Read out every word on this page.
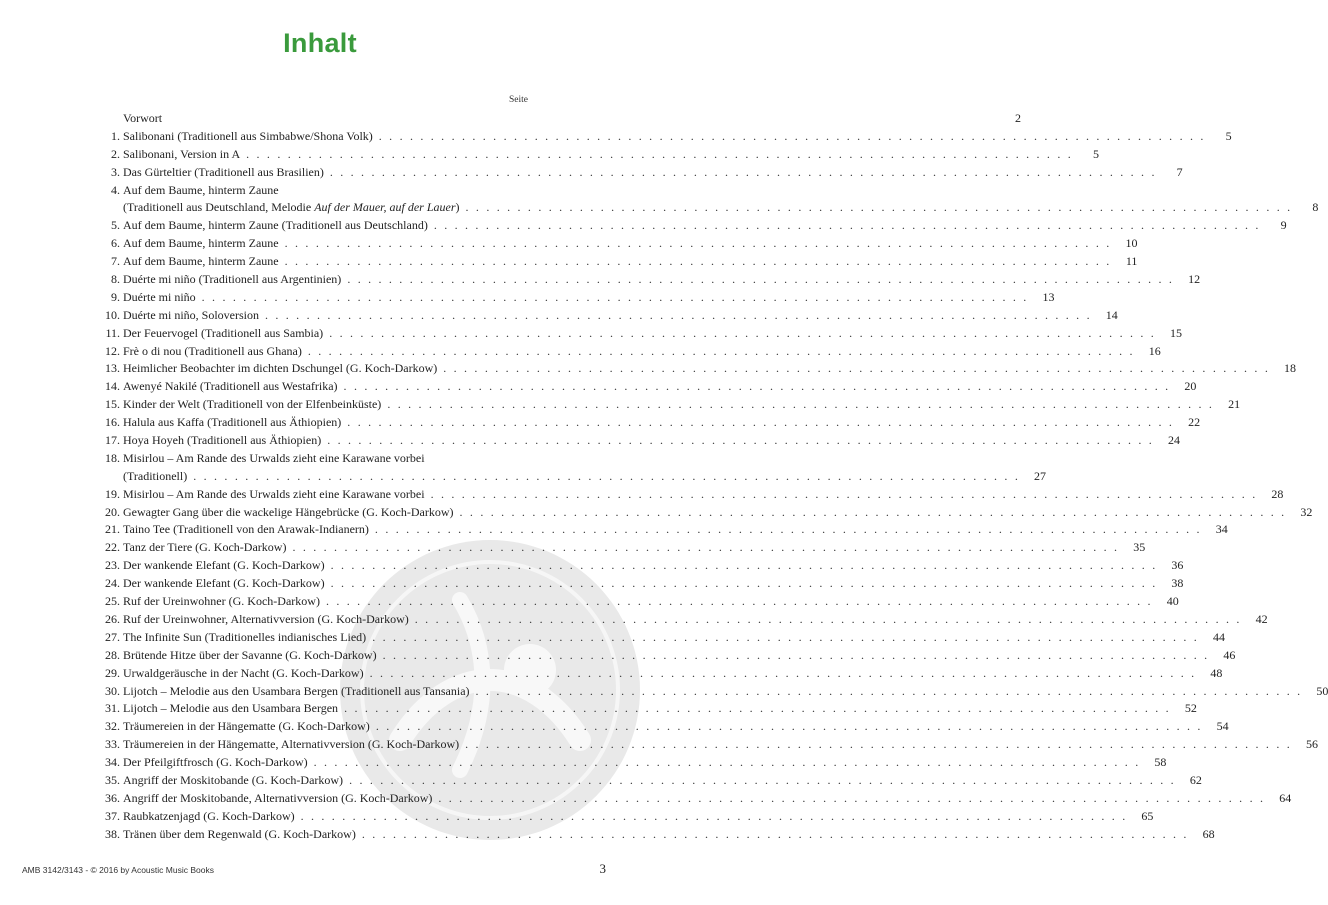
Inhalt
Seite
Vorwort	2
1. Salibonani (Traditionell aus Simbabwe/Shona Volk) . . . . . . . . . . . . . . . . . . . . . . . . . . . . . . . . . . . . . . . . . . . . . . . . . . . . . . . . . . . . . . . . . . . . . . . . . . . . . . . .	5
2. Salibonani, Version in A . . . . . . . . . . . . . . . . . . . . . . . . . . . . . . . . . . . . . . . . . . . . . . . . . . . . . . . . . . . . . . . . . . . . . . . . . . . . . . . .	5
3. Das Gürteltier (Traditionell aus Brasilien) . . . . . . . . . . . . . . . . . . . . . . . . . . . . . . . . . . . . . . . . . . . . . . . . . . . . . . . . . . . . . . . . . . . . . . . . . . . . . . . .	7
4. Auf dem Baume, hinterm Zaune
(Traditionell aus Deutschland, Melodie Auf der Mauer, auf der Lauer) . . . . . . . . . . . . . . . . . . . . . . . . . . . . . . . . . . . . . . . . . . . . . . . . . . . . . . . . . . . . . . . . . . . . . . . . . . . . . . . .	8
5. Auf dem Baume, hinterm Zaune (Traditionell aus Deutschland) . . . . . . . . . . . . . . . . . . . . . . . . . . . . . . . . . . . . . . . . . . . . . . . . . . . . . . . . . . . . . . . . . . . . . . . . . . . . . . . .	9
6. Auf dem Baume, hinterm Zaune . . . . . . . . . . . . . . . . . . . . . . . . . . . . . . . . . . . . . . . . . . . . . . . . . . . . . . . . . . . . . . . . . . . . . . . . . . . . . . . .	10
7. Auf dem Baume, hinterm Zaune . . . . . . . . . . . . . . . . . . . . . . . . . . . . . . . . . . . . . . . . . . . . . . . . . . . . . . . . . . . . . . . . . . . . . . . . . . . . . . . .	11
8. Duérte mi niño (Traditionell aus Argentinien) . . . . . . . . . . . . . . . . . . . . . . . . . . . . . . . . . . . . . . . . . . . . . . . . . . . . . . . . . . . . . . . . . . . . . . . . . . . . . . . .	12
9. Duérte mi niño . . . . . . . . . . . . . . . . . . . . . . . . . . . . . . . . . . . . . . . . . . . . . . . . . . . . . . . . . . . . . . . . . . . . . . . . . . . . . . . .	13
10. Duérte mi niño, Soloversion . . . . . . . . . . . . . . . . . . . . . . . . . . . . . . . . . . . . . . . . . . . . . . . . . . . . . . . . . . . . . . . . . . . . . . . . . . . . . . . .	14
11. Der Feuervogel (Traditionell aus Sambia) . . . . . . . . . . . . . . . . . . . . . . . . . . . . . . . . . . . . . . . . . . . . . . . . . . . . . . . . . . . . . . . . . . . . . . . . . . . . . . . .	15
12. Frè o di nou (Traditionell aus Ghana) . . . . . . . . . . . . . . . . . . . . . . . . . . . . . . . . . . . . . . . . . . . . . . . . . . . . . . . . . . . . . . . . . . . . . . . . . . . . . . . .	16
13. Heimlicher Beobachter im dichten Dschungel (G. Koch-Darkow) . . . . . . . . . . . . . . . . . . . . . . . . . . . . . . . . . . . . . . . . . . . . . . . . . . . . . . . . . . . . . . . . . . . . . . . . . . . . . . . .	18
14. Awenyé Nakilé (Traditionell aus Westafrika) . . . . . . . . . . . . . . . . . . . . . . . . . . . . . . . . . . . . . . . . . . . . . . . . . . . . . . . . . . . . . . . . . . . . . . . . . . . . . . . .	20
15. Kinder der Welt (Traditionell von der Elfenbeinküste) . . . . . . . . . . . . . . . . . . . . . . . . . . . . . . . . . . . . . . . . . . . . . . . . . . . . . . . . . . . . . . . . . . . . . . . . . . . . . . . .	21
16. Halula aus Kaffa (Traditionell aus Äthiopien) . . . . . . . . . . . . . . . . . . . . . . . . . . . . . . . . . . . . . . . . . . . . . . . . . . . . . . . . . . . . . . . . . . . . . . . . . . . . . . . .	22
17. Hoya Hoyeh (Traditionell aus Äthiopien) . . . . . . . . . . . . . . . . . . . . . . . . . . . . . . . . . . . . . . . . . . . . . . . . . . . . . . . . . . . . . . . . . . . . . . . . . . . . . . . .	24
18. Misirlou – Am Rande des Urwalds zieht eine Karawane vorbei
(Traditionell) . . . . . . . . . . . . . . . . . . . . . . . . . . . . . . . . . . . . . . . . . . . . . . . . . . . . . . . . . . . . . . . . . . . . . . . . . . . . . . . .	27
19. Misirlou – Am Rande des Urwalds zieht eine Karawane vorbei . . . . . . . . . . . . . . . . . . . . . . . . . . . . . . . . . . . . . . . . . . . . . . . . . . . . . . . . . . . . . . . . . . . . . . . . . . . . . . . .	28
20. Gewagter Gang über die wackelige Hängebrücke (G. Koch-Darkow) . . . . . . . . . . . . . . . . . . . . . . . . . . . . . . . . . . . . . . . . . . . . . . . . . . . . . . . . . . . . . . . . . . . . . . . . . . . . . . . .	32
21. Taino Tee (Traditionell von den Arawak-Indianern) . . . . . . . . . . . . . . . . . . . . . . . . . . . . . . . . . . . . . . . . . . . . . . . . . . . . . . . . . . . . . . . . . . . . . . . . . . . . . . . .	34
22. Tanz der Tiere (G. Koch-Darkow) . . . . . . . . . . . . . . . . . . . . . . . . . . . . . . . . . . . . . . . . . . . . . . . . . . . . . . . . . . . . . . . . . . . . . . . . . . . . . . . .	35
23. Der wankende Elefant (G. Koch-Darkow) . . . . . . . . . . . . . . . . . . . . . . . . . . . . . . . . . . . . . . . . . . . . . . . . . . . . . . . . . . . . . . . . . . . . . . . . . . . . . . . .	36
24. Der wankende Elefant (G. Koch-Darkow) . . . . . . . . . . . . . . . . . . . . . . . . . . . . . . . . . . . . . . . . . . . . . . . . . . . . . . . . . . . . . . . . . . . . . . . . . . . . . . . .	38
25. Ruf der Ureinwohner (G. Koch-Darkow) . . . . . . . . . . . . . . . . . . . . . . . . . . . . . . . . . . . . . . . . . . . . . . . . . . . . . . . . . . . . . . . . . . . . . . . . . . . . . . . .	40
26. Ruf der Ureinwohner, Alternativversion (G. Koch-Darkow) . . . . . . . . . . . . . . . . . . . . . . . . . . . . . . . . . . . . . . . . . . . . . . . . . . . . . . . . . . . . . . . . . . . . . . . . . . . . . . . .	42
27. The Infinite Sun (Traditionelles indianisches Lied) . . . . . . . . . . . . . . . . . . . . . . . . . . . . . . . . . . . . . . . . . . . . . . . . . . . . . . . . . . . . . . . . . . . . . . . . . . . . . . . .	44
28. Brütende Hitze über der Savanne (G. Koch-Darkow) . . . . . . . . . . . . . . . . . . . . . . . . . . . . . . . . . . . . . . . . . . . . . . . . . . . . . . . . . . . . . . . . . . . . . . . . . . . . . . . .	46
29. Urwaldgeräusche in der Nacht (G. Koch-Darkow) . . . . . . . . . . . . . . . . . . . . . . . . . . . . . . . . . . . . . . . . . . . . . . . . . . . . . . . . . . . . . . . . . . . . . . . . . . . . . . . .	48
30. Lijotch – Melodie aus den Usambara Bergen (Traditionell aus Tansania) . . . . . . . . . . . . . . . . . . . . . . . . . . . . . . . . . . . . . . . . . . . . . . . . . . . . . . . . . . . . . . . . . . . . . . . . . . . . . . . .	50
31. Lijotch – Melodie aus den Usambara Bergen . . . . . . . . . . . . . . . . . . . . . . . . . . . . . . . . . . . . . . . . . . . . . . . . . . . . . . . . . . . . . . . . . . . . . . . . . . . . . . . .	52
32. Träumereien in der Hängematte (G. Koch-Darkow) . . . . . . . . . . . . . . . . . . . . . . . . . . . . . . . . . . . . . . . . . . . . . . . . . . . . . . . . . . . . . . . . . . . . . . . . . . . . . . . .	54
33. Träumereien in der Hängematte, Alternativversion (G. Koch-Darkow) . . . . . . . . . . . . . . . . . . . . . . . . . . . . . . . . . . . . . . . . . . . . . . . . . . . . . . . . . . . . . . . . . . . . . . . . . . . . . . . .	56
34. Der Pfeilgiftfrosch (G. Koch-Darkow) . . . . . . . . . . . . . . . . . . . . . . . . . . . . . . . . . . . . . . . . . . . . . . . . . . . . . . . . . . . . . . . . . . . . . . . . . . . . . . . .	58
35. Angriff der Moskitobande (G. Koch-Darkow) . . . . . . . . . . . . . . . . . . . . . . . . . . . . . . . . . . . . . . . . . . . . . . . . . . . . . . . . . . . . . . . . . . . . . . . . . . . . . . . .	62
36. Angriff der Moskitobande, Alternativversion (G. Koch-Darkow) . . . . . . . . . . . . . . . . . . . . . . . . . . . . . . . . . . . . . . . . . . . . . . . . . . . . . . . . . . . . . . . . . . . . . . . . . . . . . . . .	64
37. Raubkatzenjagd (G. Koch-Darkow) . . . . . . . . . . . . . . . . . . . . . . . . . . . . . . . . . . . . . . . . . . . . . . . . . . . . . . . . . . . . . . . . . . . . . . . . . . . . . . . .	65
38. Tränen über dem Regenwald (G. Koch-Darkow) . . . . . . . . . . . . . . . . . . . . . . . . . . . . . . . . . . . . . . . . . . . . . . . . . . . . . . . . . . . . . . . . . . . . . . . . . . . . . . . .	68
AMB 3142/3143 - © 2016 by Acoustic Music Books	3
